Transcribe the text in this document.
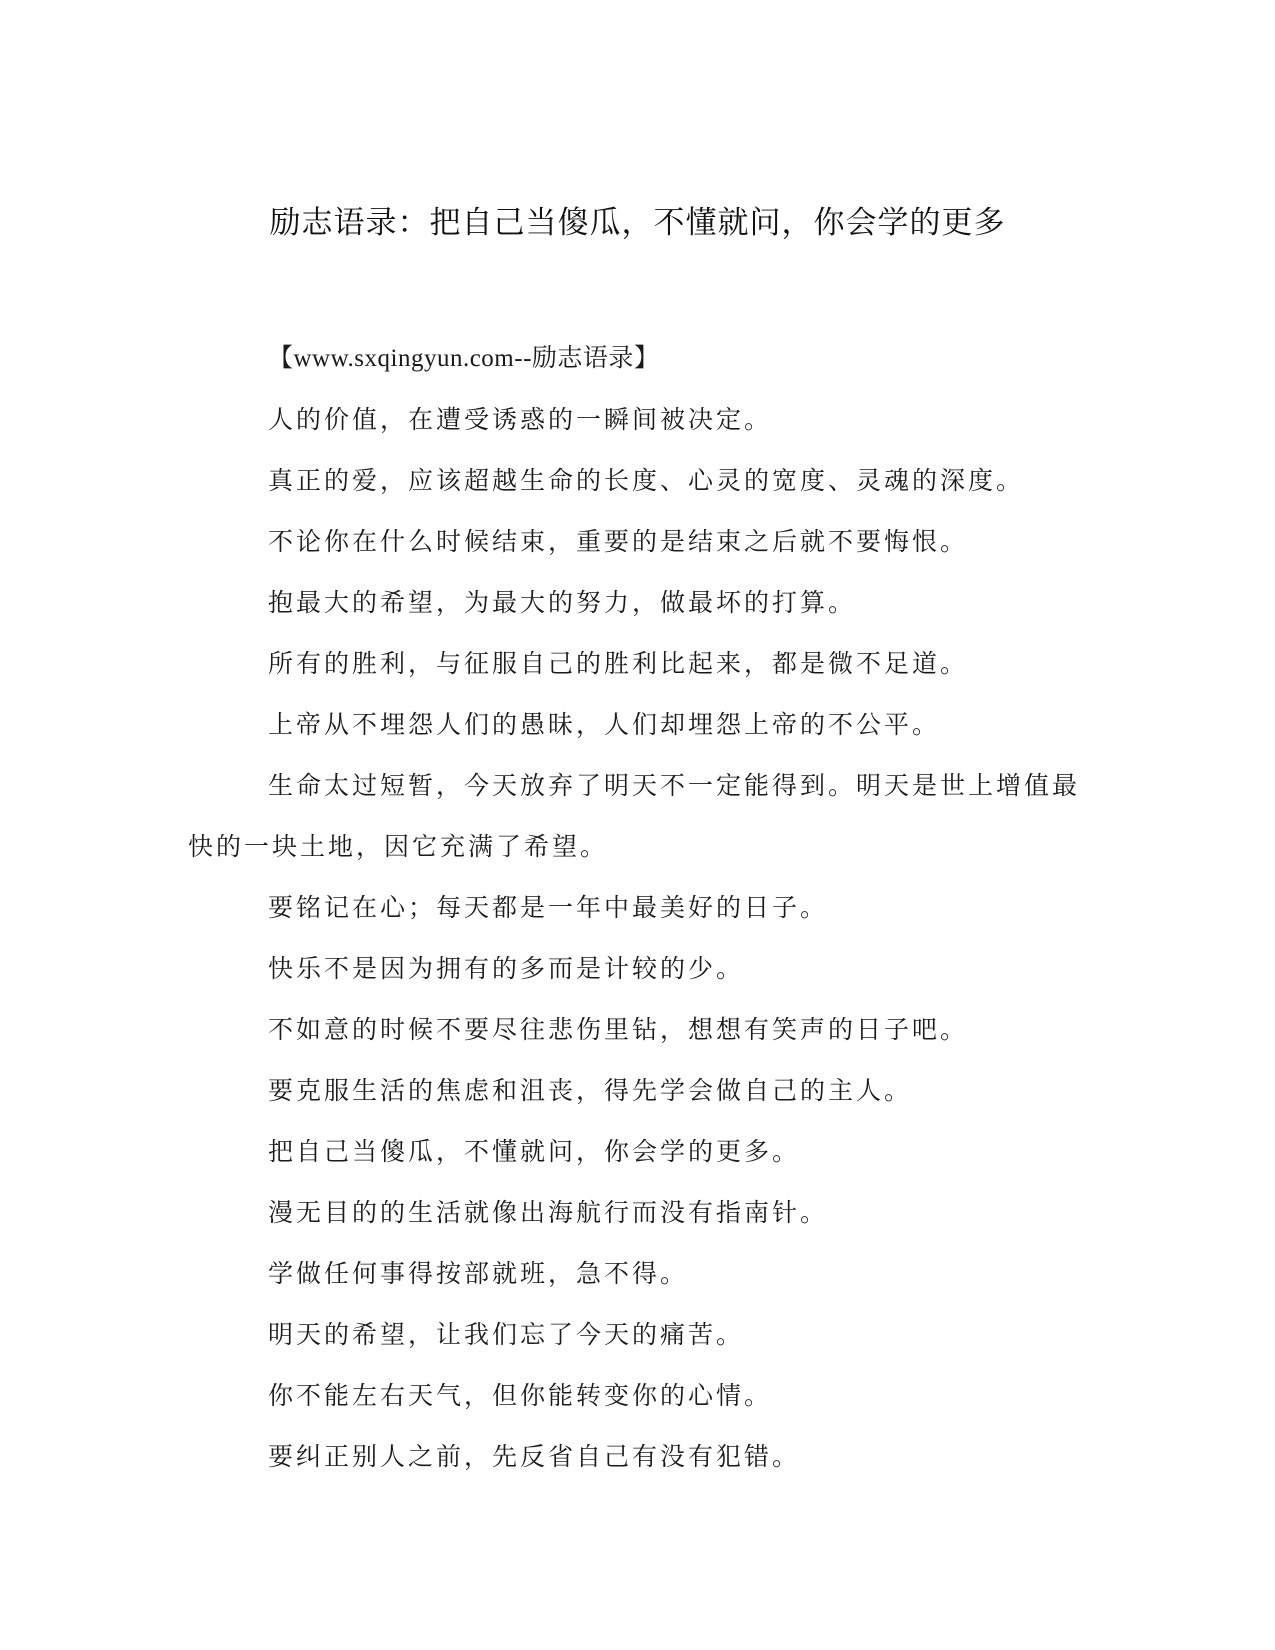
励志语录：把自己当傻瓜，不懂就问，你会学的更多

【www.sxqingyun.com--励志语录】

人的价值，在遭受诱惑的一瞬间被决定。

真正的爱，应该超越生命的长度、心灵的宽度、灵魂的深度。

不论你在什么时候结束，重要的是结束之后就不要悔恨。

抱最大的希望，为最大的努力，做最坏的打算。

所有的胜利，与征服自己的胜利比起来，都是微不足道。

上帝从不埋怨人们的愚昧，人们却埋怨上帝的不公平。

生命太过短暂，今天放弃了明天不一定能得到。明天是世上增值最快的一块土地，因它充满了希望。

要铭记在心；每天都是一年中最美好的日子。

快乐不是因为拥有的多而是计较的少。

不如意的时候不要尽往悲伤里钻，想想有笑声的日子吧。

要克服生活的焦虑和沮丧，得先学会做自己的主人。

把自己当傻瓜，不懂就问，你会学的更多。

漫无目的的生活就像出海航行而没有指南针。

学做任何事得按部就班，急不得。

明天的希望，让我们忘了今天的痛苦。

你不能左右天气，但你能转变你的心情。

要纠正别人之前，先反省自己有没有犯错。
